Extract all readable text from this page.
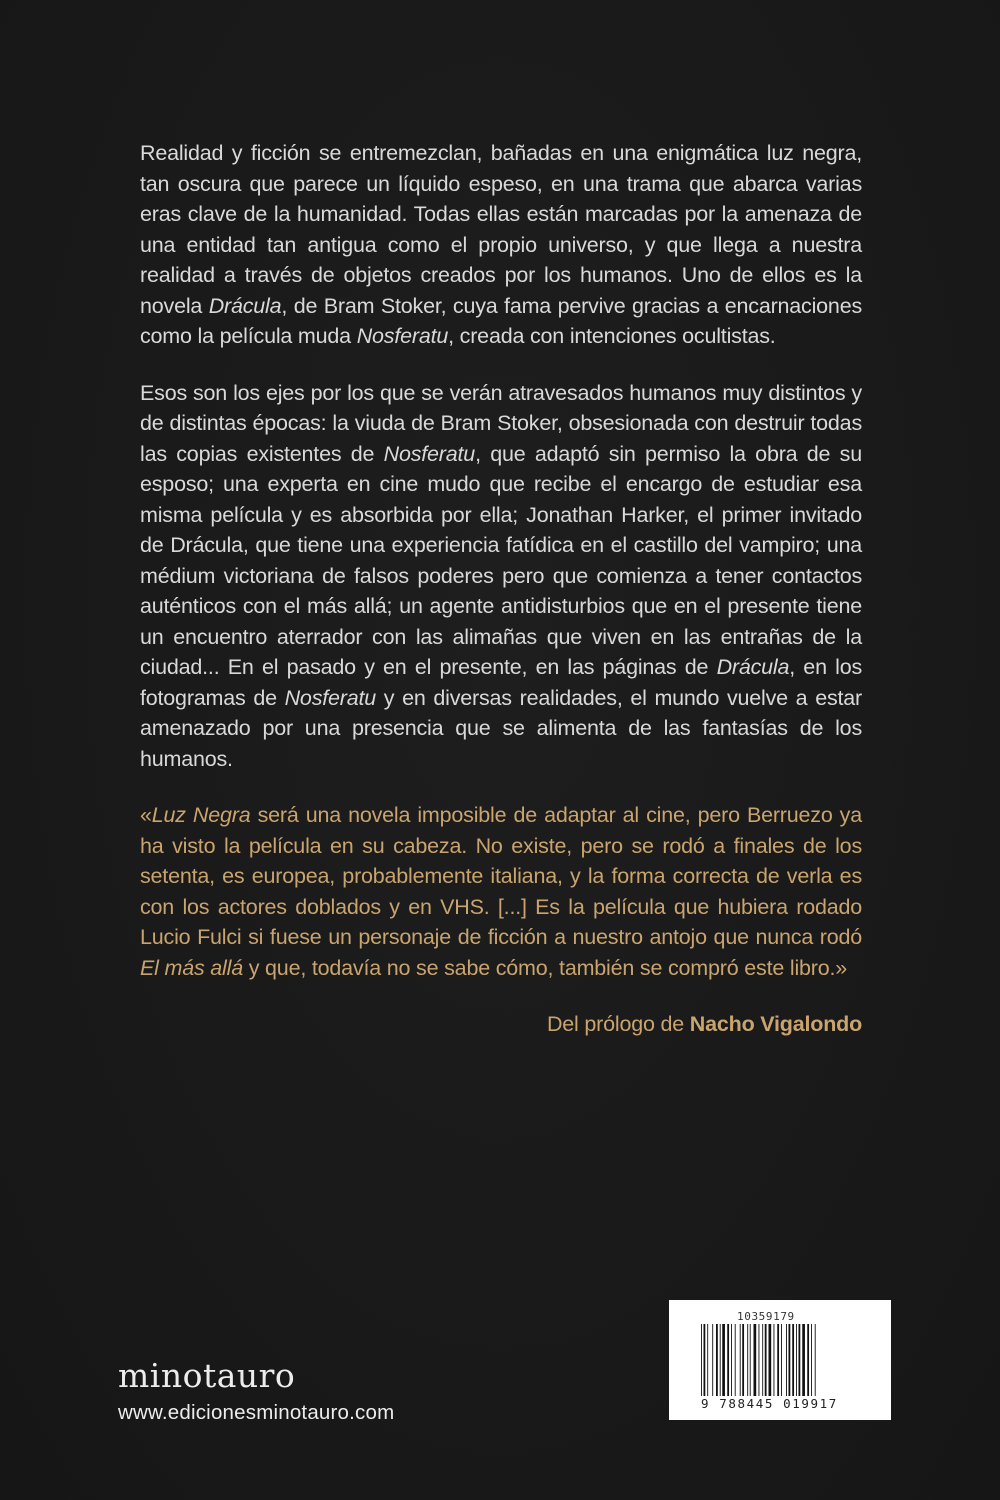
Realidad y ficción se entremezclan, bañadas en una enigmática luz negra, tan oscura que parece un líquido espeso, en una trama que abarca varias eras clave de la humanidad. Todas ellas están marcadas por la amenaza de una entidad tan antigua como el propio universo, y que llega a nuestra realidad a través de objetos creados por los humanos. Uno de ellos es la novela Drácula, de Bram Stoker, cuya fama pervive gracias a encarnaciones como la película muda Nosferatu, creada con intenciones ocultistas.

Esos son los ejes por los que se verán atravesados humanos muy distintos y de distintas épocas: la viuda de Bram Stoker, obsesionada con destruir todas las copias existentes de Nosferatu, que adaptó sin permiso la obra de su esposo; una experta en cine mudo que recibe el encargo de estudiar esa misma película y es absorbida por ella; Jonathan Harker, el primer invitado de Drácula, que tiene una experiencia fatídica en el castillo del vampiro; una médium victoriana de falsos poderes pero que comienza a tener contactos auténticos con el más allá; un agente antidisturbios que en el presente tiene un encuentro aterrador con las alimañas que viven en las entrañas de la ciudad... En el pasado y en el presente, en las páginas de Drácula, en los fotogramas de Nosferatu y en diversas realidades, el mundo vuelve a estar amenazado por una presencia que se alimenta de las fantasías de los humanos.

«Luz Negra será una novela imposible de adaptar al cine, pero Berruezo ya ha visto la película en su cabeza. No existe, pero se rodó a finales de los setenta, es europea, probablemente italiana, y la forma correcta de verla es con los actores doblados y en VHS. [...] Es la película que hubiera rodado Lucio Fulci si fuese un personaje de ficción a nuestro antojo que nunca rodó El más allá y que, todavía no se sabe cómo, también se compró este libro.»

Del prólogo de Nacho Vigalondo
minotauro
www.edicionesminotauro.com
10359179
9 788445 019917
